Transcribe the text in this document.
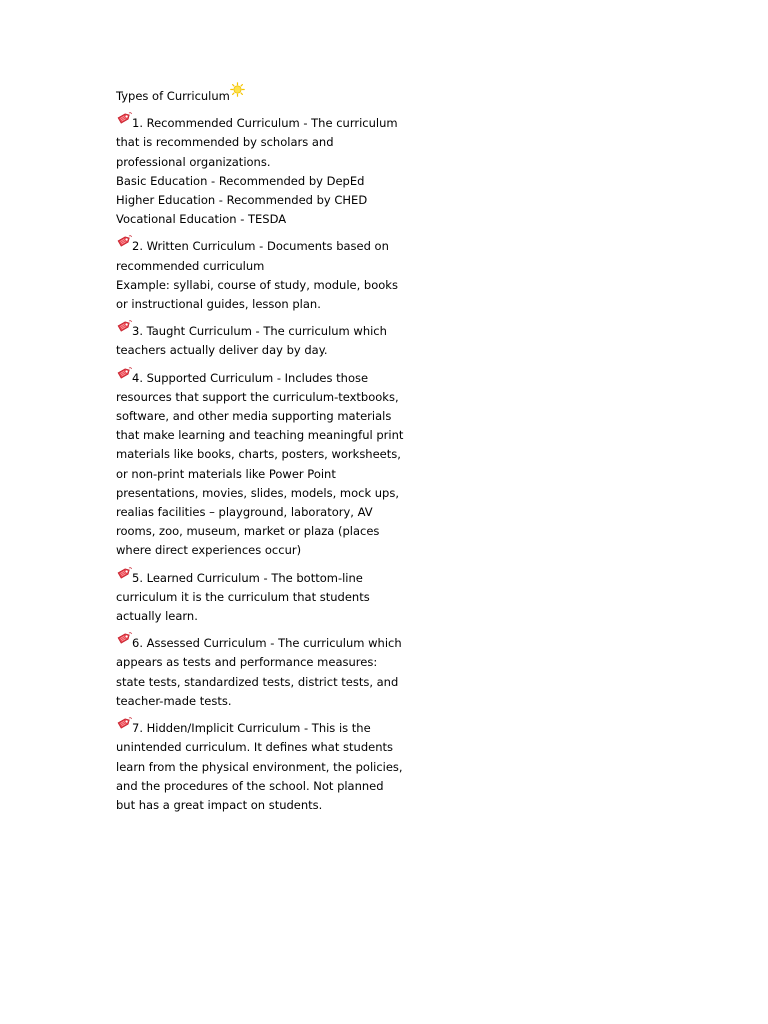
Types of Curriculum
1. Recommended Curriculum - The curriculum
that is recommended by scholars and
professional organizations.
Basic Education - Recommended by DepEd
Higher Education - Recommended by CHED
Vocational Education - TESDA
2. Written Curriculum - Documents based on
recommended curriculum
Example: syllabi, course of study, module, books
or instructional guides, lesson plan.
3. Taught Curriculum - The curriculum which
teachers actually deliver day by day.
4. Supported Curriculum - Includes those
resources that support the curriculum-textbooks,
software, and other media supporting materials
that make learning and teaching meaningful print
materials like books, charts, posters, worksheets,
or non-print materials like Power Point
presentations, movies, slides, models, mock ups,
realias facilities – playground, laboratory, AV
rooms, zoo, museum, market or plaza (places
where direct experiences occur)
5. Learned Curriculum - The bottom-line
curriculum it is the curriculum that students
actually learn.
6. Assessed Curriculum - The curriculum which
appears as tests and performance measures:
state tests, standardized tests, district tests, and
teacher-made tests.
7. Hidden/Implicit Curriculum - This is the
unintended curriculum. It defines what students
learn from the physical environment, the policies,
and the procedures of the school. Not planned
but has a great impact on students.
